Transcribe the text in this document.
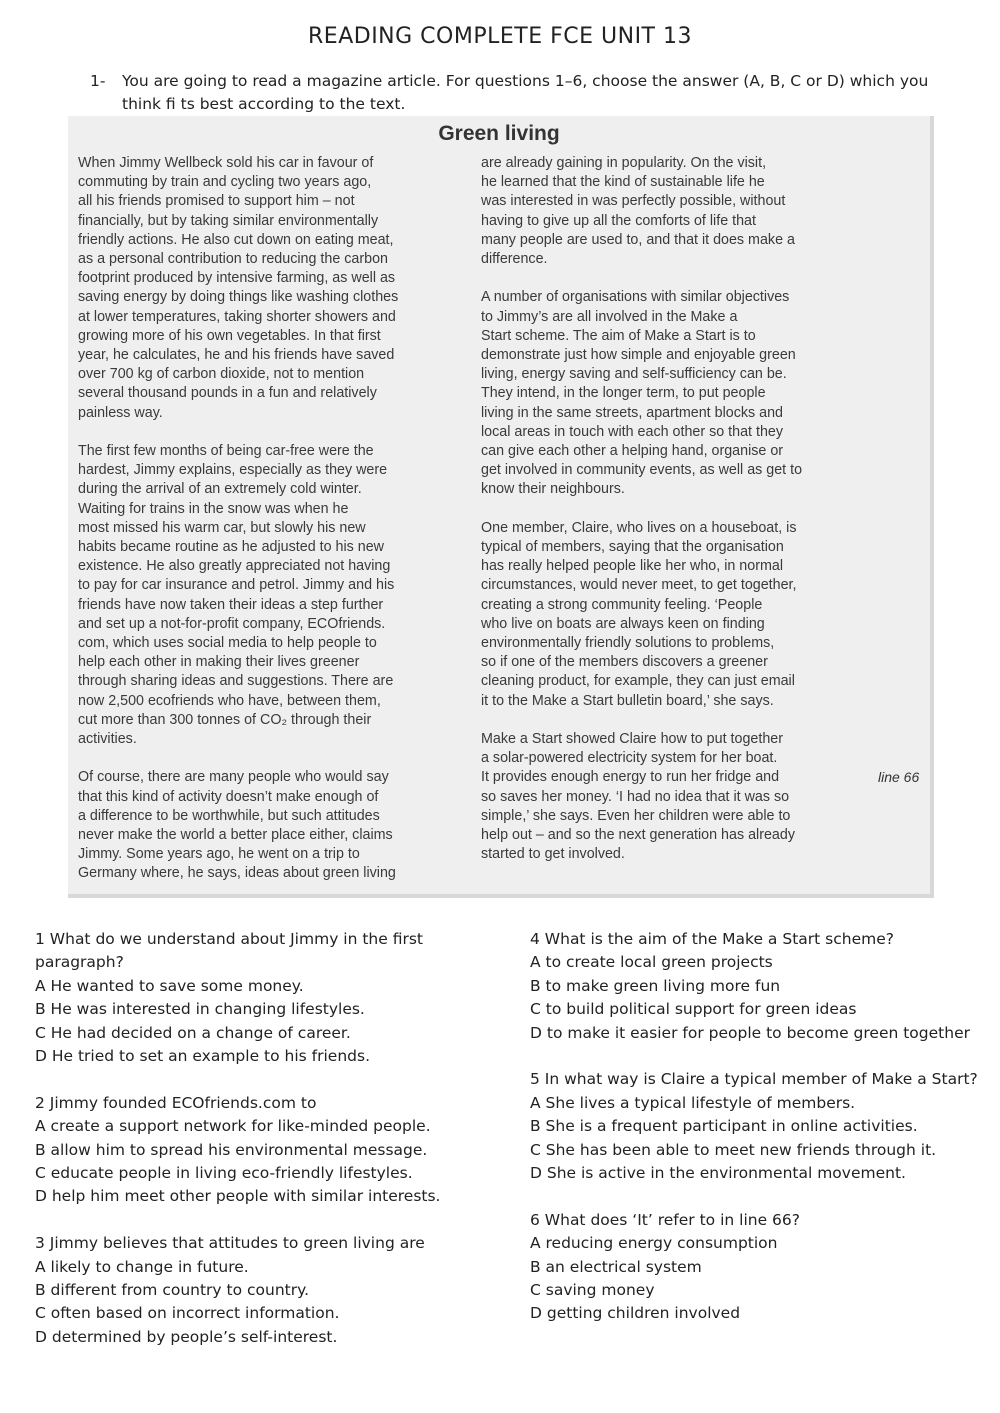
READING COMPLETE FCE UNIT 13
1- You are going to read a magazine article. For questions 1–6, choose the answer (A, B, C or D) which you think fi ts best according to the text.
Green living

When Jimmy Wellbeck sold his car in favour of
commuting by train and cycling two years ago,
all his friends promised to support him – not
financially, but by taking similar environmentally
friendly actions. He also cut down on eating meat,
as a personal contribution to reducing the carbon
footprint produced by intensive farming, as well as
saving energy by doing things like washing clothes
at lower temperatures, taking shorter showers and
growing more of his own vegetables. In that first
year, he calculates, he and his friends have saved
over 700 kg of carbon dioxide, not to mention
several thousand pounds in a fun and relatively
painless way.

The first few months of being car-free were the
hardest, Jimmy explains, especially as they were
during the arrival of an extremely cold winter.
Waiting for trains in the snow was when he
most missed his warm car, but slowly his new
habits became routine as he adjusted to his new
existence. He also greatly appreciated not having
to pay for car insurance and petrol. Jimmy and his
friends have now taken their ideas a step further
and set up a not-for-profit company, ECOfriends.
com, which uses social media to help people to
help each other in making their lives greener
through sharing ideas and suggestions. There are
now 2,500 ecofriends who have, between them,
cut more than 300 tonnes of CO₂ through their
activities.

Of course, there are many people who would say
that this kind of activity doesn’t make enough of
a difference to be worthwhile, but such attitudes
never make the world a better place either, claims
Jimmy. Some years ago, he went on a trip to
Germany where, he says, ideas about green living

are already gaining in popularity. On the visit,
he learned that the kind of sustainable life he
was interested in was perfectly possible, without
having to give up all the comforts of life that
many people are used to, and that it does make a
difference.

A number of organisations with similar objectives
to Jimmy’s are all involved in the Make a
Start scheme. The aim of Make a Start is to
demonstrate just how simple and enjoyable green
living, energy saving and self-sufficiency can be.
They intend, in the longer term, to put people
living in the same streets, apartment blocks and
local areas in touch with each other so that they
can give each other a helping hand, organise or
get involved in community events, as well as get to
know their neighbours.

One member, Claire, who lives on a houseboat, is
typical of members, saying that the organisation
has really helped people like her who, in normal
circumstances, would never meet, to get together,
creating a strong community feeling. ‘People
who live on boats are always keen on finding
environmentally friendly solutions to problems,
so if one of the members discovers a greener
cleaning product, for example, they can just email
it to the Make a Start bulletin board,’ she says.

Make a Start showed Claire how to put together
a solar-powered electricity system for her boat.
It provides enough energy to run her fridge and
so saves her money. ‘I had no idea that it was so
simple,’ she says. Even her children were able to
help out – and so the next generation has already
started to get involved.

line 66
1 What do we understand about Jimmy in the first paragraph?
A He wanted to save some money.
B He was interested in changing lifestyles.
C He had decided on a change of career.
D He tried to set an example to his friends.
2 Jimmy founded ECOfriends.com to
A create a support network for like-minded people.
B allow him to spread his environmental message.
C educate people in living eco-friendly lifestyles.
D help him meet other people with similar interests.
3 Jimmy believes that attitudes to green living are
A likely to change in future.
B different from country to country.
C often based on incorrect information.
D determined by people’s self-interest.
4 What is the aim of the Make a Start scheme?
A to create local green projects
B to make green living more fun
C to build political support for green ideas
D to make it easier for people to become green together
5 In what way is Claire a typical member of Make a Start?
A She lives a typical lifestyle of members.
B She is a frequent participant in online activities.
C She has been able to meet new friends through it.
D She is active in the environmental movement.
6 What does ‘It’ refer to in line 66?
A reducing energy consumption
B an electrical system
C saving money
D getting children involved
